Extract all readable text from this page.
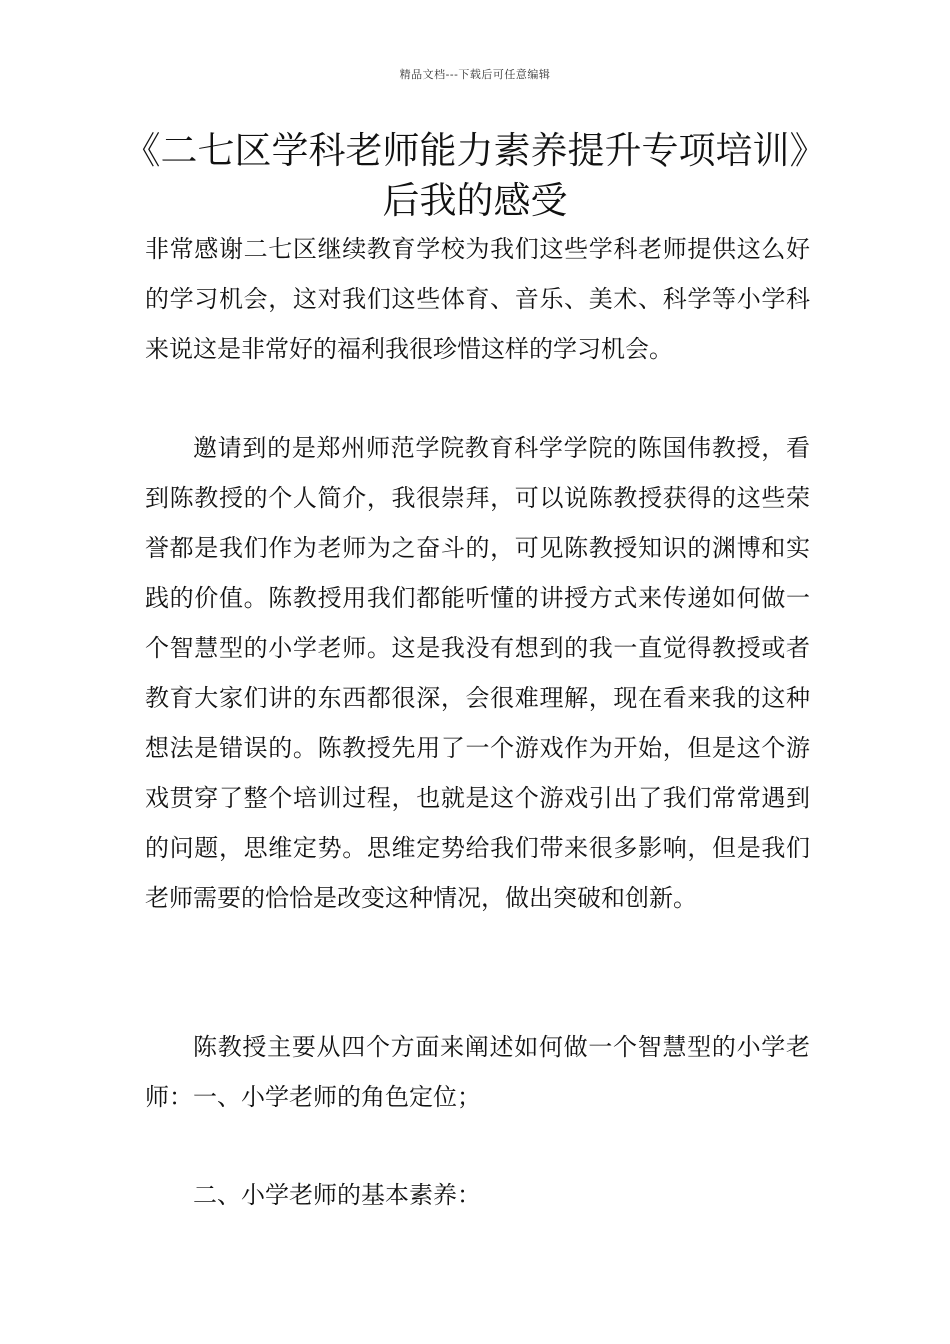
精品文档---下载后可任意编辑
《二七区学科老师能力素养提升专项培训》后我的感受

非常感谢二七区继续教育学校为我们这些学科老师提供这么好的学习机会，这对我们这些体育、音乐、美术、科学等小学科来说这是非常好的福利我很珍惜这样的学习机会。

邀请到的是郑州师范学院教育科学学院的陈国伟教授，看到陈教授的个人简介，我很崇拜，可以说陈教授获得的这些荣誉都是我们作为老师为之奋斗的，可见陈教授知识的渊博和实践的价值。陈教授用我们都能听懂的讲授方式来传递如何做一个智慧型的小学老师。这是我没有想到的我一直觉得教授或者教育大家们讲的东西都很深，会很难理解，现在看来我的这种想法是错误的。陈教授先用了一个游戏作为开始，但是这个游戏贯穿了整个培训过程，也就是这个游戏引出了我们常常遇到的问题，思维定势。思维定势给我们带来很多影响，但是我们老师需要的恰恰是改变这种情况，做出突破和创新。

陈教授主要从四个方面来阐述如何做一个智慧型的小学老师：一、小学老师的角色定位；

二、小学老师的基本素养：
